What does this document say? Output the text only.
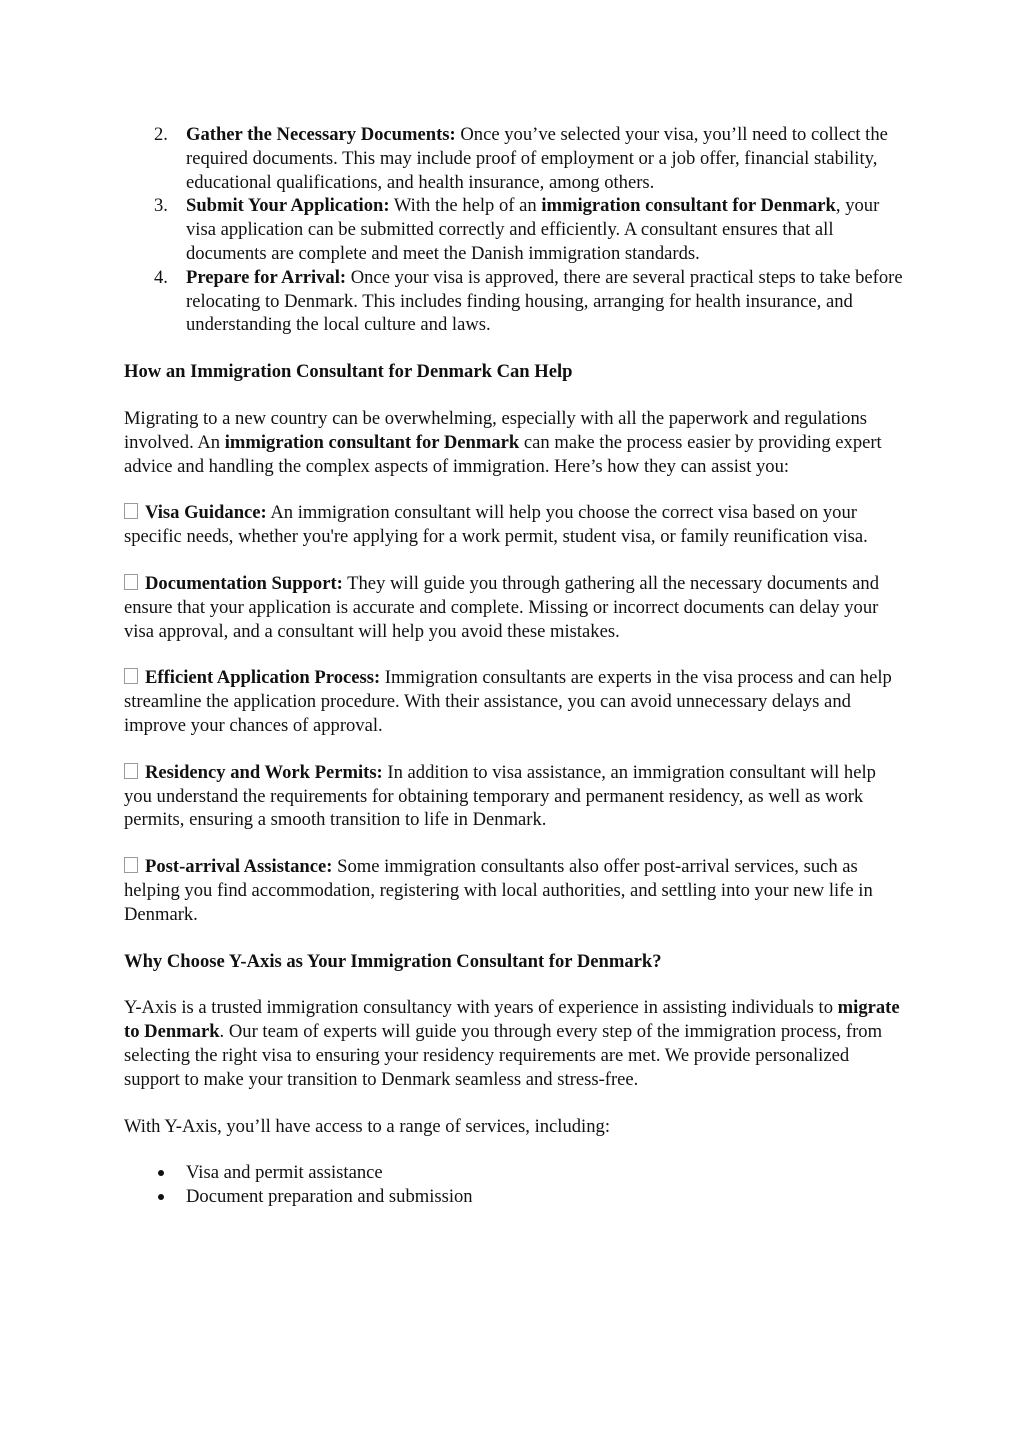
2. Gather the Necessary Documents: Once you’ve selected your visa, you’ll need to collect the required documents. This may include proof of employment or a job offer, financial stability, educational qualifications, and health insurance, among others.
3. Submit Your Application: With the help of an immigration consultant for Denmark, your visa application can be submitted correctly and efficiently. A consultant ensures that all documents are complete and meet the Danish immigration standards.
4. Prepare for Arrival: Once your visa is approved, there are several practical steps to take before relocating to Denmark. This includes finding housing, arranging for health insurance, and understanding the local culture and laws.
How an Immigration Consultant for Denmark Can Help

Migrating to a new country can be overwhelming, especially with all the paperwork and regulations involved. An immigration consultant for Denmark can make the process easier by providing expert advice and handling the complex aspects of immigration. Here’s how they can assist you:

Visa Guidance: An immigration consultant will help you choose the correct visa based on your specific needs, whether you're applying for a work permit, student visa, or family reunification visa.

Documentation Support: They will guide you through gathering all the necessary documents and ensure that your application is accurate and complete. Missing or incorrect documents can delay your visa approval, and a consultant will help you avoid these mistakes.

Efficient Application Process: Immigration consultants are experts in the visa process and can help streamline the application procedure. With their assistance, you can avoid unnecessary delays and improve your chances of approval.

Residency and Work Permits: In addition to visa assistance, an immigration consultant will help you understand the requirements for obtaining temporary and permanent residency, as well as work permits, ensuring a smooth transition to life in Denmark.

Post-arrival Assistance: Some immigration consultants also offer post-arrival services, such as helping you find accommodation, registering with local authorities, and settling into your new life in Denmark.

Why Choose Y-Axis as Your Immigration Consultant for Denmark?

Y-Axis is a trusted immigration consultancy with years of experience in assisting individuals to migrate to Denmark. Our team of experts will guide you through every step of the immigration process, from selecting the right visa to ensuring your residency requirements are met. We provide personalized support to make your transition to Denmark seamless and stress-free.

With Y-Axis, you’ll have access to a range of services, including:

Visa and permit assistance
Document preparation and submission
